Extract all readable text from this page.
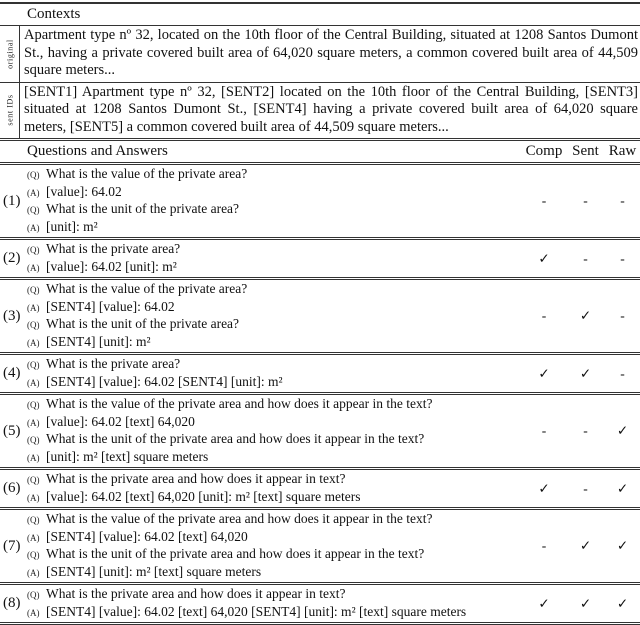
Contexts
original
Apartment type nº 32, located on the 10th floor of the Central Building, situated at 1208 Santos Dumont St., having a private covered built area of 64,020 square meters, a common covered built area of 44,509 square meters...
sent IDs
[SENT1] Apartment type nº 32, [SENT2] located on the 10th floor of the Central Building, [SENT3] situated at 1208 Santos Dumont St., [SENT4] having a private covered built area of 64,020 square meters, [SENT5] a common covered built area of 44,509 square meters...
Questions and Answers	Comp Sent Raw
(1)
(Q) What is the value of the private area?
(A) [value]: 64.02
(Q) What is the unit of the private area?
(A) [unit]: m²
-	-	-
(2) (Q) What is the private area?
(A) [value]: 64.02 [unit]: m²
✓	-	-
(3)
(Q) What is the value of the private area?
(A) [SENT4] [value]: 64.02
(Q) What is the unit of the private area?
(A) [SENT4] [unit]: m²
-	✓	-
(4) (Q) What is the private area?
(A) [SENT4] [value]: 64.02 [SENT4] [unit]: m²
✓	✓	-
(5)
(Q) What is the value of the private area and how does it appear in the text?
(A) [value]: 64.02 [text] 64,020
(Q) What is the unit of the private area and how does it appear in the text?
(A) [unit]: m² [text] square meters
-	-	✓
(6) (Q) What is the private area and how does it appear in text?
(A) [value]: 64.02 [text] 64,020 [unit]: m² [text] square meters
✓	-	✓
(7)
(Q) What is the value of the private area and how does it appear in the text?
(A) [SENT4] [value]: 64.02 [text] 64,020
(Q) What is the unit of the private area and how does it appear in the text?
(A) [SENT4] [unit]: m² [text] square meters
-	✓	✓
(8) (Q) What is the private area and how does it appear in text?
(A) [SENT4] [value]: 64.02 [text] 64,020 [SENT4] [unit]: m² [text] square meters
✓	✓	✓
